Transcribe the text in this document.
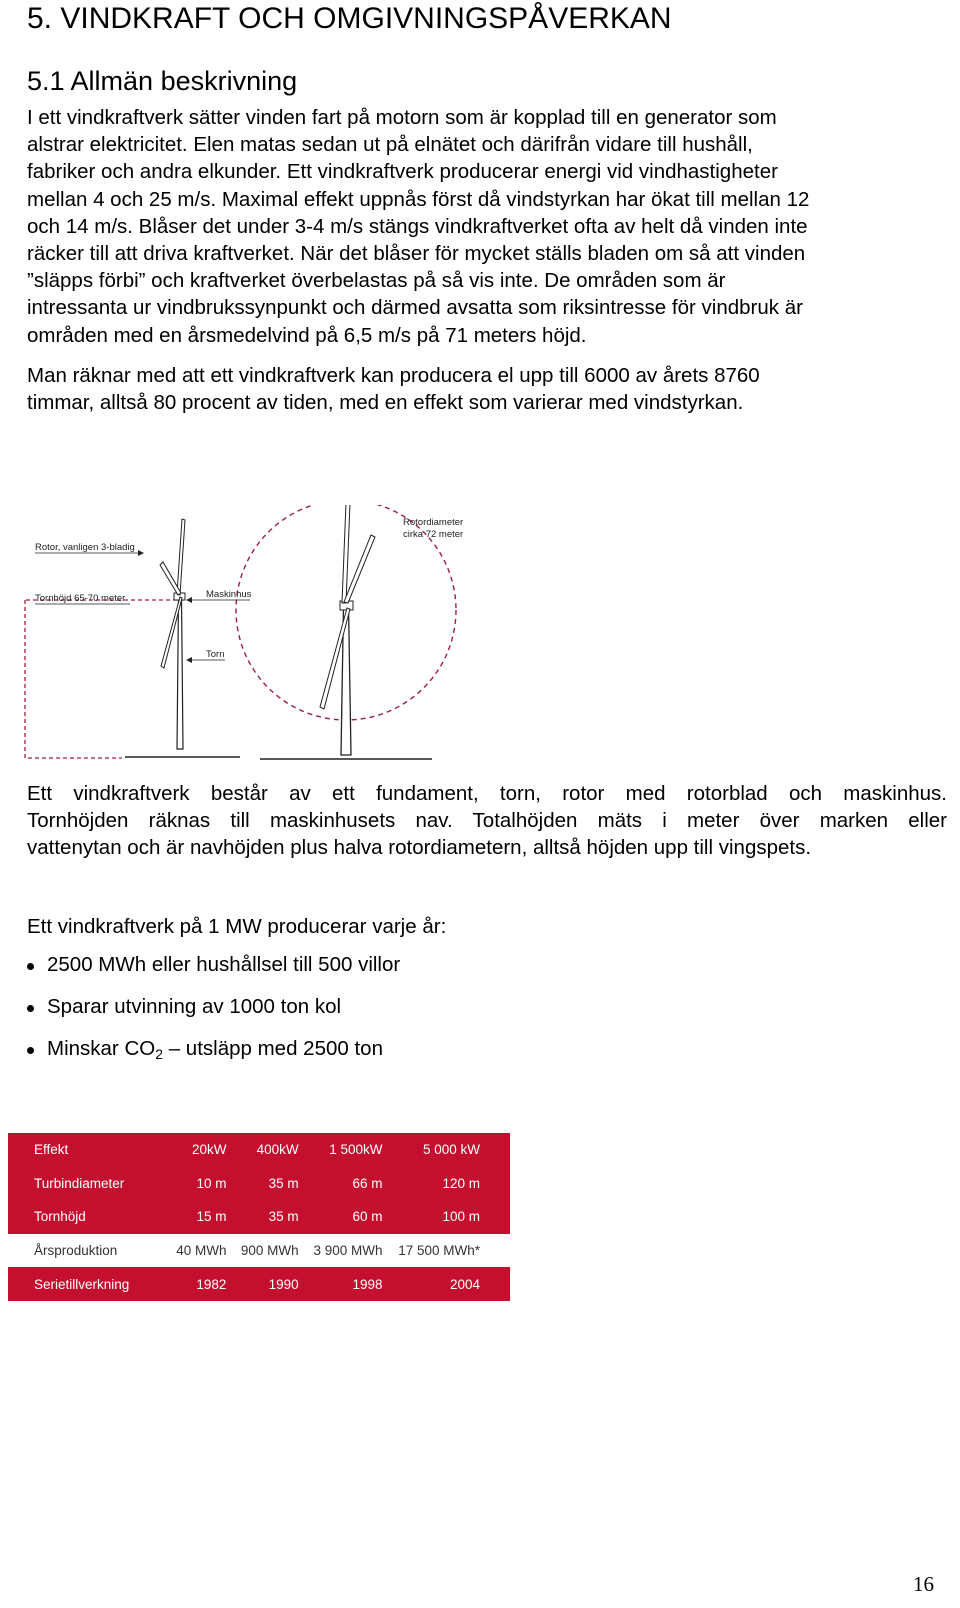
5. VINDKRAFT OCH OMGIVNINGSPÅVERKAN
5.1 Allmän beskrivning
I ett vindkraftverk sätter vinden fart på motorn som är kopplad till en generator som
alstrar elektricitet. Elen matas sedan ut på elnätet och därifrån vidare till hushåll,
fabriker och andra elkunder. Ett vindkraftverk producerar energi vid vindhastigheter
mellan 4 och 25 m/s. Maximal effekt uppnås först då vindstyrkan har ökat till mellan 12
och 14 m/s. Blåser det under 3-4 m/s stängs vindkraftverket ofta av helt då vinden inte
räcker till att driva kraftverket. När det blåser för mycket ställs bladen om så att vinden
”släpps förbi” och kraftverket överbelastas på så vis inte. De områden som är
intressanta ur vindbrukssynpunkt och därmed avsatta som riksintresse för vindbruk är
områden med en årsmedelvind på 6,5 m/s på 71 meters höjd.
Man räknar med att ett vindkraftverk kan producera el upp till 6000 av årets 8760
timmar, alltså 80 procent av tiden, med en effekt som varierar med vindstyrkan.
Rotor, vanligen 3-bladig
Tornhöjd 65-70 meter	Maskinhus
Torn
Rotordiameter
cirka 72 meter
Ett vindkraftverk består av ett fundament, torn, rotor med rotorblad och maskinhus.
Tornhöjden räknas till maskinhusets nav. Totalhöjden mäts i meter över marken eller
vattenytan och är navhöjden plus halva rotordiametern, alltså höjden upp till vingspets.

Ett vindkraftverk på 1 MW producerar varje år:

2500 MWh eller hushållsel till 500 villor
Sparar utvinning av 1000 ton kol
Minskar $CO_2$ – utsläpp med 2500 ton
Effekt	20kW	400kW	1 500kW	5 000 kW
Turbindiameter	10 m	35 m	66 m	120 m
Tornhöjd	15 m	35 m	60 m	100 m
Årsproduktion	40 MWh	900 MWh	3 900 MWh	17 500 MWh*
Serietillverkning	1982	1990	1998	2004
16
